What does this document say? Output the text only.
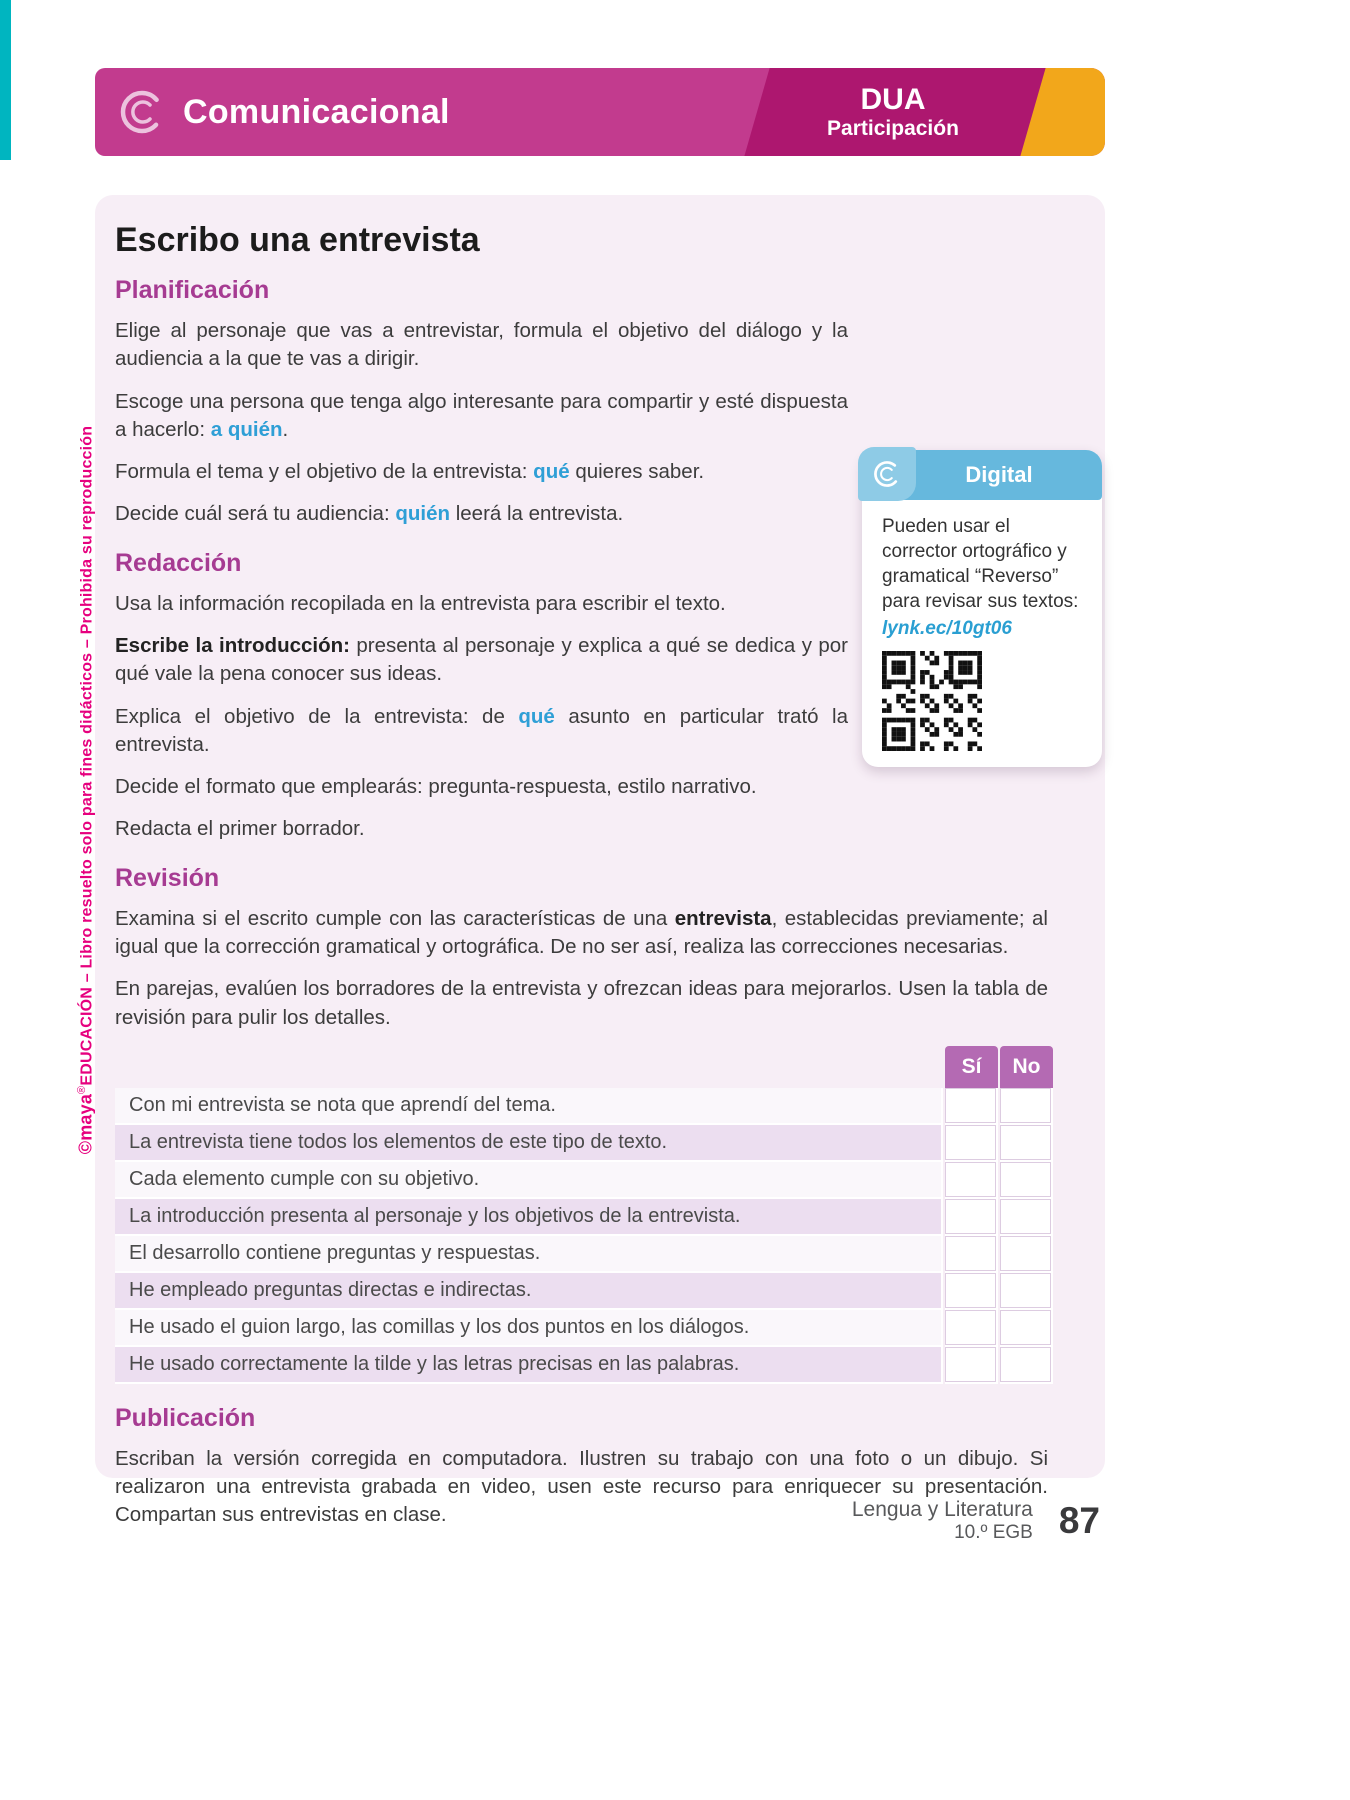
Comunicacional	DUA
Participación
©maya®EDUCACIÓN – Libro resuelto solo para fines didácticos – Prohibida su reproducción
Escribo una entrevista
Planificación

Elige al personaje que vas a entrevistar, formula el objetivo del diálogo y la audiencia a la que te vas a dirigir.

Escoge una persona que tenga algo interesante para compartir y esté dispuesta a hacerlo: a quién.

Formula el tema y el objetivo de la entrevista: qué quieres saber.

Decide cuál será tu audiencia: quién leerá la entrevista.

Redacción

Usa la información recopilada en la entrevista para escribir el texto.

Escribe la introducción: presenta al personaje y explica a qué se dedica y por qué vale la pena conocer sus ideas.

Explica el objetivo de la entrevista: de qué asunto en particular trató la entrevista.

Decide el formato que emplearás: pregunta-respuesta, estilo narrativo.

Redacta el primer borrador.

Revisión

Examina si el escrito cumple con las características de una entrevista, establecidas previamente; al igual que la corrección gramatical y ortográfica. De no ser así, realiza las correcciones necesarias.

En parejas, evalúen los borradores de la entrevista y ofrezcan ideas para mejorarlos. Usen la tabla de revisión para pulir los detalles.

Sí	No
Con mi entrevista se nota que aprendí del tema.
La entrevista tiene todos los elementos de este tipo de texto.
Cada elemento cumple con su objetivo.
La introducción presenta al personaje y los objetivos de la entrevista.
El desarrollo contiene preguntas y respuestas.
He empleado preguntas directas e indirectas.
He usado el guion largo, las comillas y los dos puntos en los diálogos.
He usado correctamente la tilde y las letras precisas en las palabras.
Publicación

Escriban la versión corregida en computadora. Ilustren su trabajo con una foto o un dibujo. Si realizaron una entrevista grabada en video, usen este recurso para enriquecer su presentación. Compartan sus entrevistas en clase.

Digital
Pueden usar el corrector ortográfico y gramatical “Reverso” para revisar sus textos:
lynk.ec/10gt06
Lengua y Literatura
10.º EGB 87
